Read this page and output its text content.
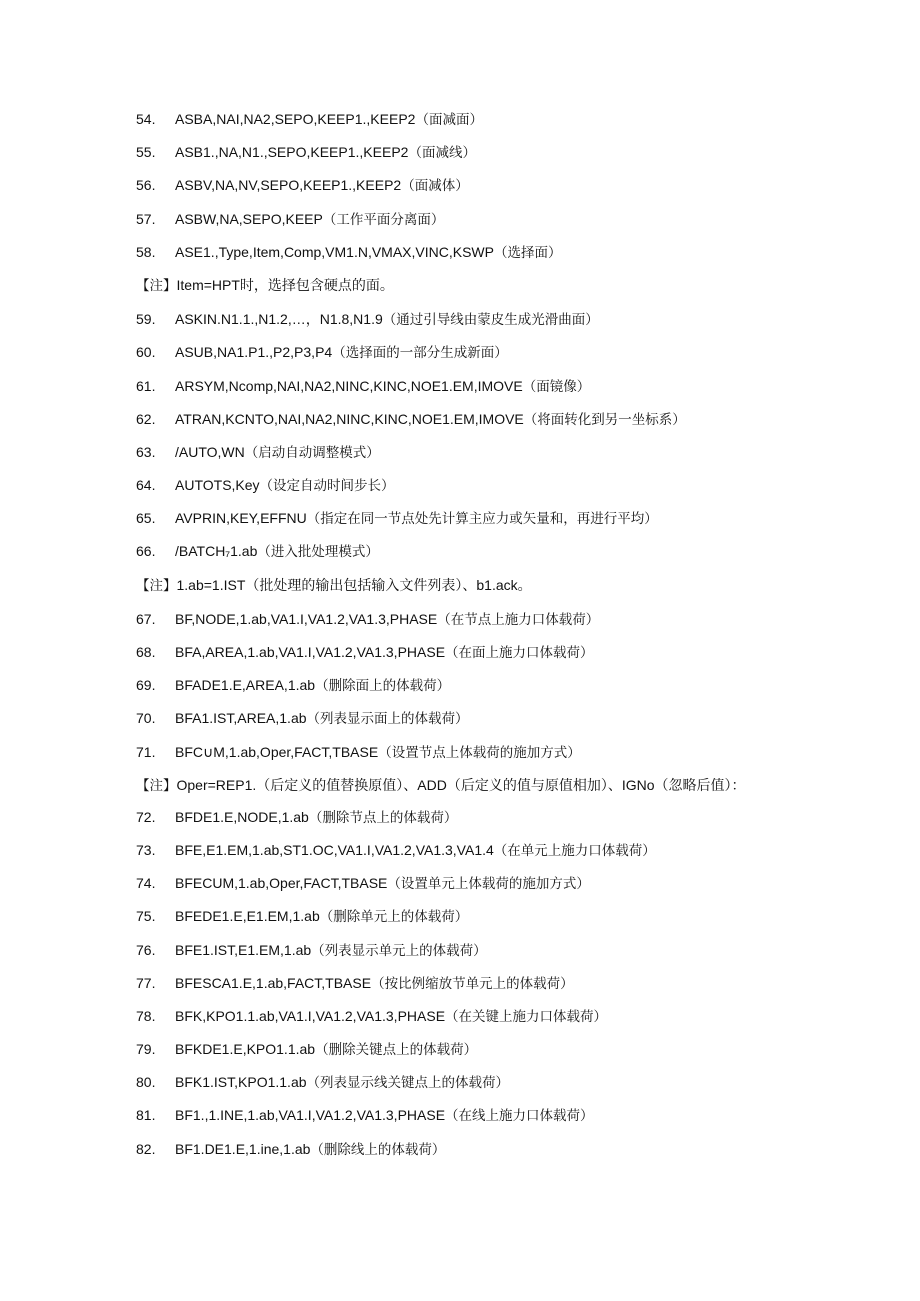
54.	ASBA,NAI,NA2,SEPO,KEEP1.,KEEP2 （面减面）
55.	ASB1.,NA,N1.,SEPO,KEEP1.,KEEP2 （面减线）
56.	ASBV,NA,NV,SEPO,KEEP1.,KEEP2 （面减体）
57.	ASBW,NA,SEPO,KEEP （工作平面分离面）
58.	ASE1.,Type,Item,Comp,VM1.N,VMAX,VINC,KSWP （选择面）
【注】Item=HPT时，选择包含硬点的面。
59.	ASKIN.N1.1.,N1.2,…，N1.8,N1.9 （通过引导线由蒙皮生成光滑曲面）
60.	ASUB,NA1.P1.,P2,P3,P4 （选择面的一部分生成新面）
61.	ARSYM,Ncomp,NAI,NA2,NINC,KINC,NOE1.EM,IMOVE （面镜像）
62.	ATRAN,KCNTO,NAI,NA2,NINC,KINC,NOE1.EM,IMOVE （将面转化到另一坐标系）
63.	/AUTO,WN （启动自动调整模式）
64.	AUTOTS,Key （设定自动时间步长）
65.	AVPRIN,KEY,EFFNU （指定在同一节点处先计算主应力或矢量和，再进行平均）
66.	/BATCH₇1.ab （进入批处理模式）
【注】1.ab=1.IST（批处理的输出包括输入文件列表）、b1.ack。
67.	BF,NODE,1.ab,VA1.I,VA1.2,VA1.3,PHASE （在节点上施力口体载荷）
68.	BFA,AREA,1.ab,VA1.I,VA1.2,VA1.3,PHASE （在面上施力口体载荷）
69.	BFADE1.E,AREA,1.ab （删除面上的体载荷）
70.	BFA1.IST,AREA,1.ab （列表显示面上的体载荷）
71.	BFC∪M,1.ab,Oper,FACT,TBASE （设置节点上体载荷的施加方式）
【注】Oper=REP1.（后定义的值替换原值）、ADD（后定义的值与原值相加）、IGNo（忽略后值）：
72.	BFDE1.E,NODE,1.ab （删除节点上的体载荷）
73.	BFE,E1.EM,1.ab,ST1.OC,VA1.I,VA1.2,VA1.3,VA1.4 （在单元上施力口体载荷）
74.	BFECUM,1.ab,Oper,FACT,TBASE （设置单元上体载荷的施加方式）
75.	BFEDE1.E,E1.EM,1.ab （删除单元上的体载荷）
76.	BFE1.IST,E1.EM,1.ab （列表显示单元上的体载荷）
77.	BFESCA1.E,1.ab,FACT,TBASE （按比例缩放节单元上的体载荷）
78.	BFK,KPO1.1.ab,VA1.I,VA1.2,VA1.3,PHASE （在关键上施力口体载荷）
79.	BFKDE1.E,KPO1.1.ab （删除关键点上的体载荷）
80.	BFK1.IST,KPO1.1.ab （列表显示线关键点上的体载荷）
81.	BF1.,1.INE,1.ab,VA1.I,VA1.2,VA1.3,PHASE （在线上施力口体载荷）
82.	BF1.DE1.E,1.ine,1.ab （删除线上的体载荷）
